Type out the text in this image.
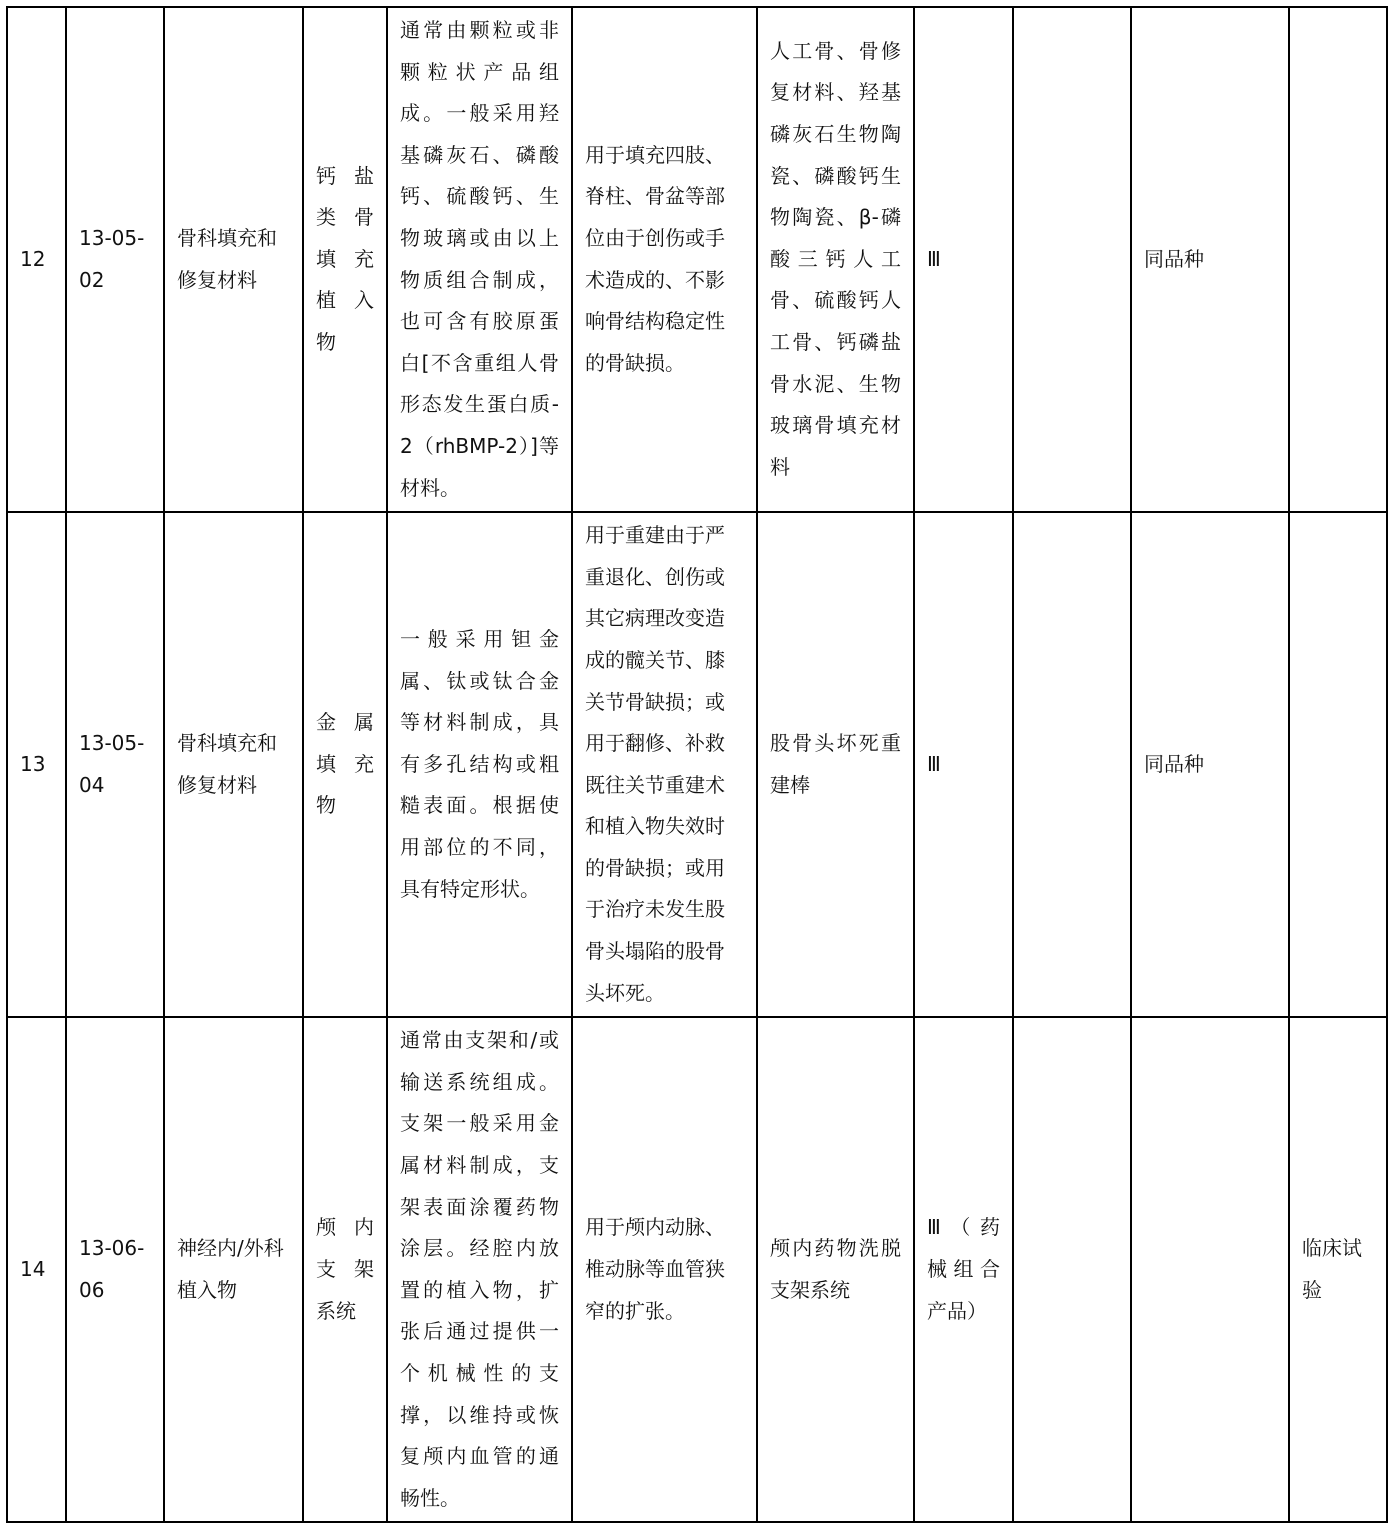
12	13-05-02	骨科填充和修复材料	钙盐类骨填充植入物	通常由颗粒或非颗粒状产品组成。一般采用羟基磷灰石、磷酸钙、硫酸钙、生物玻璃或由以上物质组合制成，也可含有胶原蛋白[不含重组人骨形态发生蛋白质-2（rhBMP-2）]等材料。	用于填充四肢、脊柱、骨盆等部位由于创伤或手术造成的、不影响骨结构稳定性的骨缺损。	人工骨、骨修复材料、羟基磷灰石生物陶瓷、磷酸钙生物陶瓷、β-磷酸三钙人工骨、硫酸钙人工骨、钙磷盐骨水泥、生物玻璃骨填充材料	Ⅲ		同品种	
13	13-05-04	骨科填充和修复材料	金属填充物	一般采用钽金属、钛或钛合金等材料制成，具有多孔结构或粗糙表面。根据使用部位的不同，具有特定形状。	用于重建由于严重退化、创伤或其它病理改变造成的髋关节、膝关节骨缺损；或用于翻修、补救既往关节重建术和植入物失效时的骨缺损；或用于治疗未发生股骨头塌陷的股骨头坏死。	股骨头坏死重建棒	Ⅲ		同品种	
14	13-06-06	神经内/外科植入物	颅内支架系统	通常由支架和/或输送系统组成。支架一般采用金属材料制成，支架表面涂覆药物涂层。经腔内放置的植入物，扩张后通过提供一个机械性的支撑，以维持或恢复颅内血管的通畅性。	用于颅内动脉、椎动脉等血管狭窄的扩张。	颅内药物洗脱支架系统	Ⅲ（药械组合产品）			临床试验
